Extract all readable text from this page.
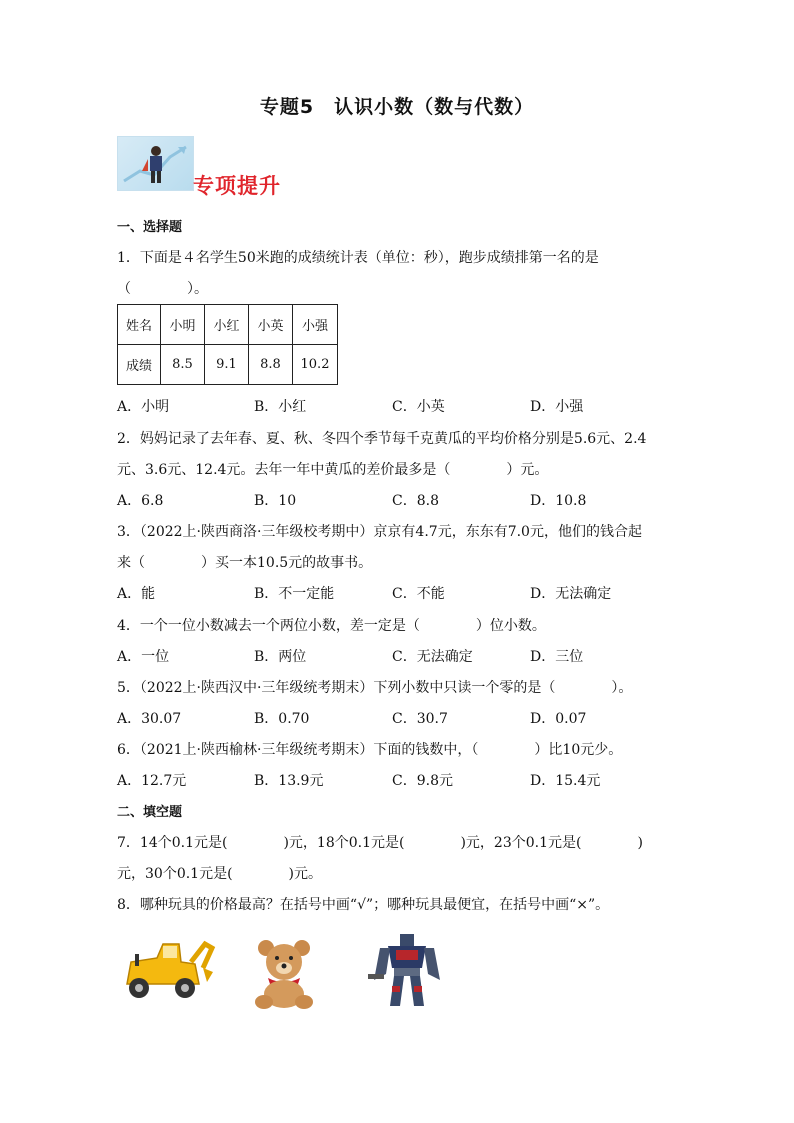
专题5　认识小数（数与代数）
专项提升
一、选择题
1．下面是４名学生50米跑的成绩统计表（单位：秒），跑步成绩排第一名的是
（　　　　）。
姓名	小明	小红	小英	小强
成绩	8.5	9.1	8.8	10.2
A．小明	B．小红	C．小英	D．小强
2．妈妈记录了去年春、夏、秋、冬四个季节每千克黄瓜的平均价格分别是5.6元、2.4
元、3.6元、12.4元。去年一年中黄瓜的差价最多是（　　　　）元。
A．6.8	B．10	C．8.8	D．10.8
3．（2022上·陕西商洛·三年级校考期中）京京有4.7元，东东有7.0元，他们的钱合起
来（　　　　）买一本10.5元的故事书。
A．能	B．不一定能	C．不能	D．无法确定
4．一个一位小数减去一个两位小数，差一定是（　　　　）位小数。
A．一位	B．两位	C．无法确定	D．三位
5．（2022上·陕西汉中·三年级统考期末）下列小数中只读一个零的是（　　　　）。
A．30.07	B．0.70	C．30.7	D．0.07
6．（2021上·陕西榆林·三年级统考期末）下面的钱数中，（　　　　）比10元少。
A．12.7元	B．13.9元	C．9.8元	D．15.4元
二、填空题
7．14个0.1元是(　　　　)元，18个0.1元是(　　　　)元，23个0.1元是(　　　　)
元，30个0.1元是(　　　　)元。
8．哪种玩具的价格最高？在括号中画“√”；哪种玩具最便宜，在括号中画“×”。
